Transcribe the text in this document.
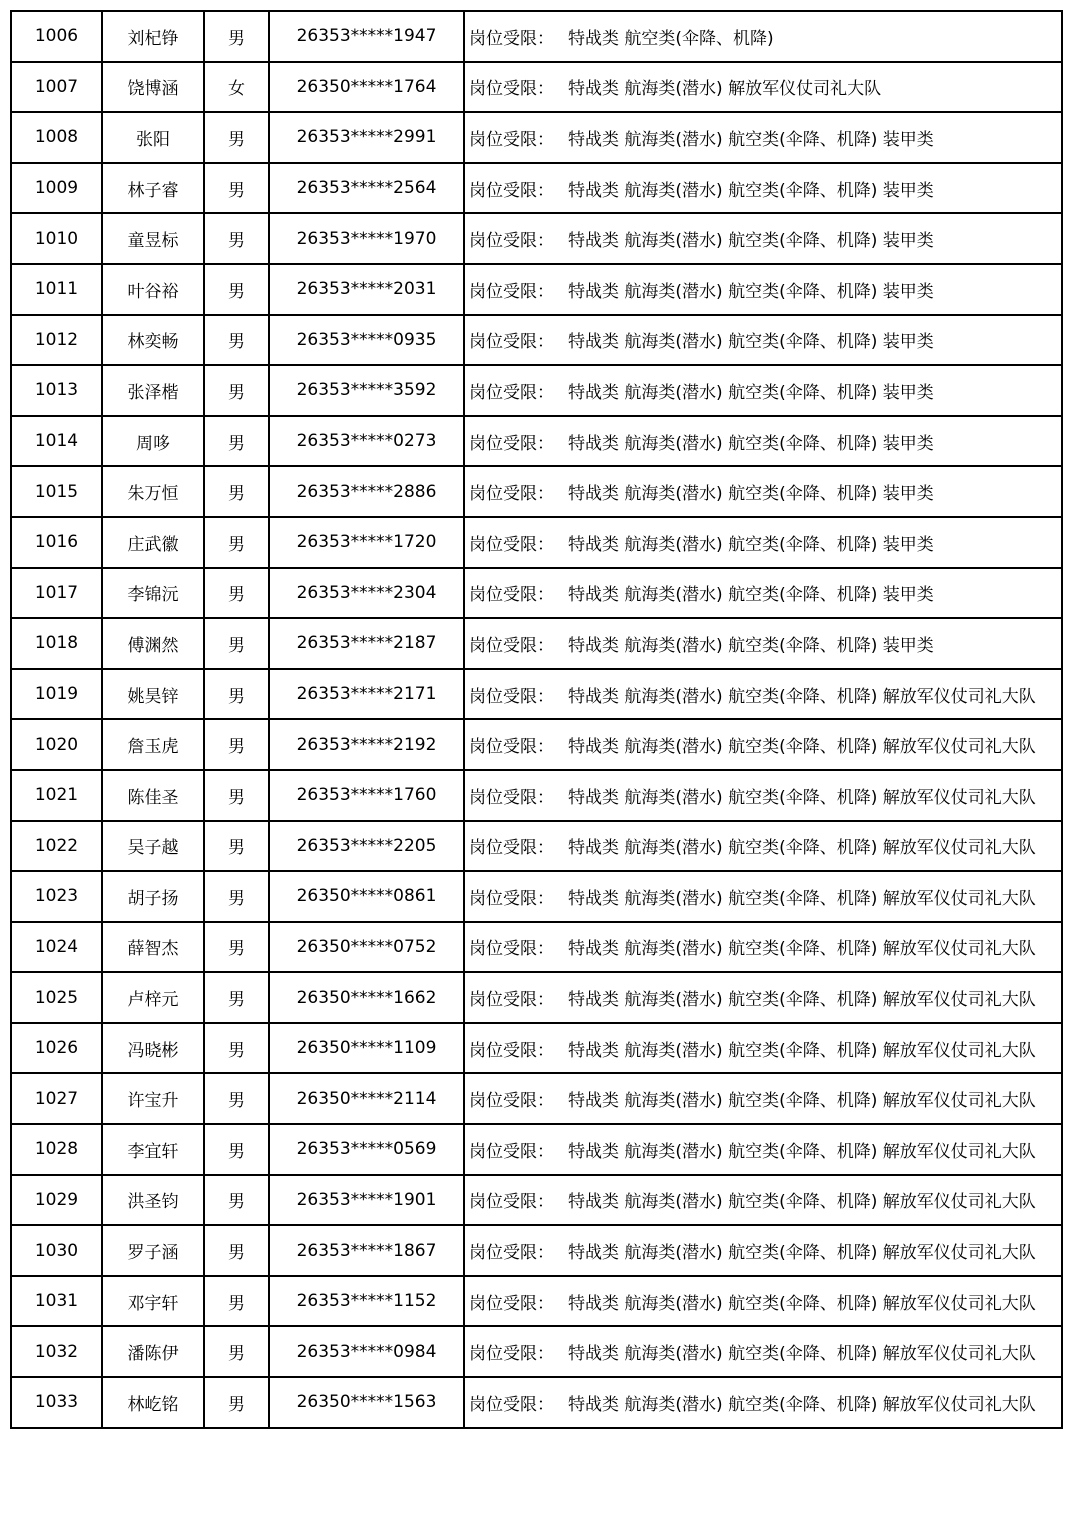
1006	刘杞铮	男	26353*****1947	岗位受限： 特战类 航空类(伞降、机降)
1007	饶博涵	女	26350*****1764	岗位受限： 特战类 航海类(潜水) 解放军仪仗司礼大队
1008	张阳	男	26353*****2991	岗位受限： 特战类 航海类(潜水) 航空类(伞降、机降) 装甲类
1009	林子睿	男	26353*****2564	岗位受限： 特战类 航海类(潜水) 航空类(伞降、机降) 装甲类
1010	童昱标	男	26353*****1970	岗位受限： 特战类 航海类(潜水) 航空类(伞降、机降) 装甲类
1011	叶谷裕	男	26353*****2031	岗位受限： 特战类 航海类(潜水) 航空类(伞降、机降) 装甲类
1012	林奕畅	男	26353*****0935	岗位受限： 特战类 航海类(潜水) 航空类(伞降、机降) 装甲类
1013	张泽楷	男	26353*****3592	岗位受限： 特战类 航海类(潜水) 航空类(伞降、机降) 装甲类
1014	周哆	男	26353*****0273	岗位受限： 特战类 航海类(潜水) 航空类(伞降、机降) 装甲类
1015	朱万恒	男	26353*****2886	岗位受限： 特战类 航海类(潜水) 航空类(伞降、机降) 装甲类
1016	庄武徽	男	26353*****1720	岗位受限： 特战类 航海类(潜水) 航空类(伞降、机降) 装甲类
1017	李锦沅	男	26353*****2304	岗位受限： 特战类 航海类(潜水) 航空类(伞降、机降) 装甲类
1018	傅渊然	男	26353*****2187	岗位受限： 特战类 航海类(潜水) 航空类(伞降、机降) 装甲类
1019	姚昊锌	男	26353*****2171	岗位受限： 特战类 航海类(潜水) 航空类(伞降、机降) 解放军仪仗司礼大队
1020	詹玉虎	男	26353*****2192	岗位受限： 特战类 航海类(潜水) 航空类(伞降、机降) 解放军仪仗司礼大队
1021	陈佳圣	男	26353*****1760	岗位受限： 特战类 航海类(潜水) 航空类(伞降、机降) 解放军仪仗司礼大队
1022	吴子越	男	26353*****2205	岗位受限： 特战类 航海类(潜水) 航空类(伞降、机降) 解放军仪仗司礼大队
1023	胡子扬	男	26350*****0861	岗位受限： 特战类 航海类(潜水) 航空类(伞降、机降) 解放军仪仗司礼大队
1024	薛智杰	男	26350*****0752	岗位受限： 特战类 航海类(潜水) 航空类(伞降、机降) 解放军仪仗司礼大队
1025	卢梓元	男	26350*****1662	岗位受限： 特战类 航海类(潜水) 航空类(伞降、机降) 解放军仪仗司礼大队
1026	冯晓彬	男	26350*****1109	岗位受限： 特战类 航海类(潜水) 航空类(伞降、机降) 解放军仪仗司礼大队
1027	许宝升	男	26350*****2114	岗位受限： 特战类 航海类(潜水) 航空类(伞降、机降) 解放军仪仗司礼大队
1028	李宜轩	男	26353*****0569	岗位受限： 特战类 航海类(潜水) 航空类(伞降、机降) 解放军仪仗司礼大队
1029	洪圣钧	男	26353*****1901	岗位受限： 特战类 航海类(潜水) 航空类(伞降、机降) 解放军仪仗司礼大队
1030	罗子涵	男	26353*****1867	岗位受限： 特战类 航海类(潜水) 航空类(伞降、机降) 解放军仪仗司礼大队
1031	邓宇轩	男	26353*****1152	岗位受限： 特战类 航海类(潜水) 航空类(伞降、机降) 解放军仪仗司礼大队
1032	潘陈伊	男	26353*****0984	岗位受限： 特战类 航海类(潜水) 航空类(伞降、机降) 解放军仪仗司礼大队
1033	林屹铭	男	26350*****1563	岗位受限： 特战类 航海类(潜水) 航空类(伞降、机降) 解放军仪仗司礼大队
